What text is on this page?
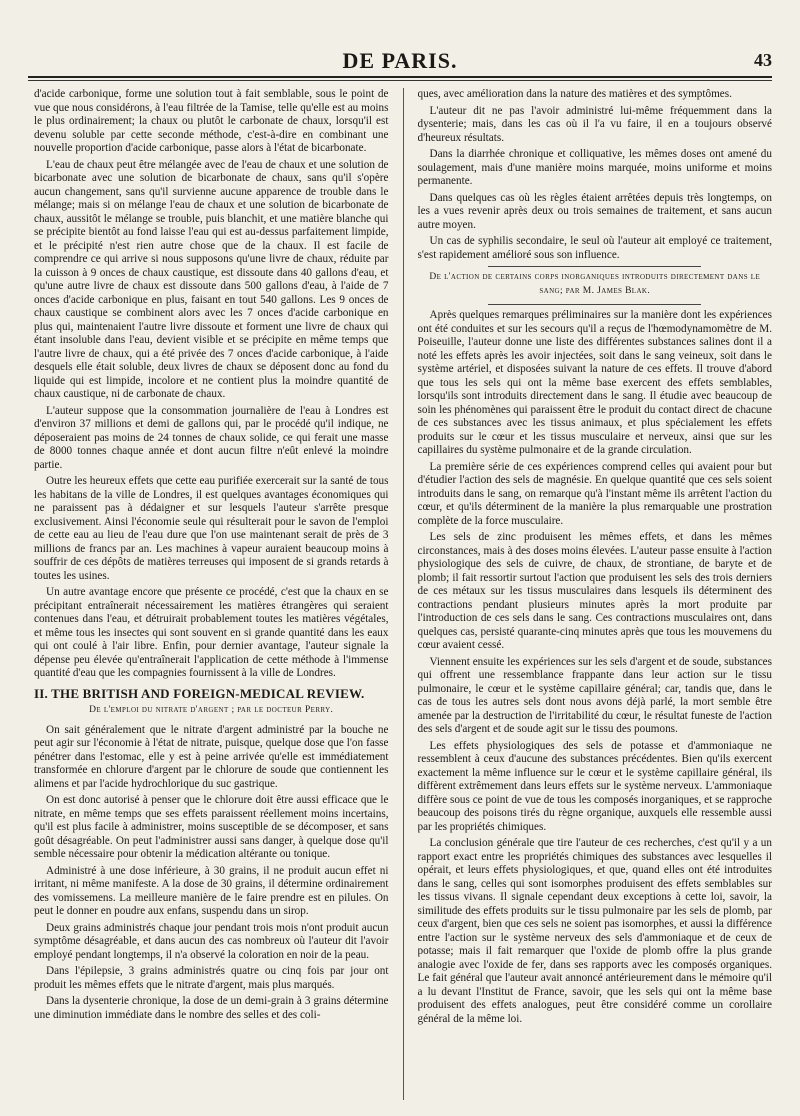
DE PARIS.	43

d'acide carbonique, forme une solution tout à fait semblable, sous le point de vue que nous considérons, à l'eau filtrée de la Tamise, telle qu'elle est au moins le plus ordinairement; la chaux ou plutôt le carbonate de chaux, lorsqu'il est devenu soluble par cette seconde méthode, c'est-à-dire en combinant une nouvelle proportion d'acide carbonique, passe alors à l'état de bicarbonate.

L'eau de chaux peut être mélangée avec de l'eau de chaux et une solution de bicarbonate avec une solution de bicarbonate de chaux, sans qu'il s'opère aucun changement, sans qu'il survienne aucune apparence de trouble dans le mélange; mais si on mélange l'eau de chaux et une solution de bicarbonate de chaux, aussitôt le mélange se trouble, puis blanchit, et une matière blanche qui se précipite bientôt au fond laisse l'eau qui est au-dessus parfaitement limpide, et le précipité n'est rien autre chose que de la chaux. Il est facile de comprendre ce qui arrive si nous supposons qu'une livre de chaux, réduite par la cuisson à 9 onces de chaux caustique, est dissoute dans 40 gallons d'eau, et qu'une autre livre de chaux est dissoute dans 500 gallons d'eau, à l'aide de 7 onces d'acide carbonique en plus, faisant en tout 540 gallons. Les 9 onces de chaux caustique se combinent alors avec les 7 onces d'acide carbonique en plus qui, maintenaient l'autre livre dissoute et forment une livre de chaux qui étant insoluble dans l'eau, devient visible et se précipite en même temps que l'autre livre de chaux, qui a été privée des 7 onces d'acide carbonique, à l'aide desquels elle était soluble, deux livres de chaux se déposent donc au fond du liquide qui est limpide, incolore et ne contient plus la moindre quantité de chaux caustique, ni de carbonate de chaux.

L'auteur suppose que la consommation journalière de l'eau à Londres est d'environ 37 millions et demi de gallons qui, par le procédé qu'il indique, ne déposeraient pas moins de 24 tonnes de chaux solide, ce qui ferait une masse de 8000 tonnes chaque année et dont aucun filtre n'eût enlevé la moindre partie.

Outre les heureux effets que cette eau purifiée exercerait sur la santé de tous les habitans de la ville de Londres, il est quelques avantages économiques qui ne paraissent pas à dédaigner et sur lesquels l'auteur s'arrête presque exclusivement. Ainsi l'économie seule qui résulterait pour le savon de l'emploi de cette eau au lieu de l'eau dure que l'on use maintenant serait de près de 3 millions de francs par an. Les machines à vapeur auraient beaucoup moins à souffrir de ces dépôts de matières terreuses qui imposent de si grands retards à toutes les usines.

Un autre avantage encore que présente ce procédé, c'est que la chaux en se précipitant entraînerait nécessairement les matières étrangères qui seraient contenues dans l'eau, et détruirait probablement toutes les matières végétales, et même tous les insectes qui sont souvent en si grande quantité dans les eaux qui ont coulé à l'air libre. Enfin, pour dernier avantage, l'auteur signale la dépense peu élevée qu'entraînerait l'application de cette méthode à l'immense quantité d'eau que les compagnies fournissent à la ville de Londres.

II. THE BRITISH AND FOREIGN-MEDICAL REVIEW.
De l'emploi du nitrate d'argent ; par le docteur Perry.

On sait généralement que le nitrate d'argent administré par la bouche ne peut agir sur l'économie à l'état de nitrate, puisque, quelque dose que l'on fasse pénétrer dans l'estomac, elle y est à peine arrivée qu'elle est immédiatement transformée en chlorure d'argent par le chlorure de soude que contiennent les alimens et par l'acide hydrochlorique du suc gastrique.

On est donc autorisé à penser que le chlorure doit être aussi efficace que le nitrate, en même temps que ses effets paraissent réellement moins incertains, qu'il est plus facile à administrer, moins susceptible de se décomposer, et sans goût désagréable. On peut l'administrer aussi sans danger, à quelque dose qu'il semble nécessaire pour obtenir la médication altérante ou tonique.

Administré à une dose inférieure, à 30 grains, il ne produit aucun effet ni irritant, ni même manifeste. A la dose de 30 grains, il détermine ordinairement des vomissemens. La meilleure manière de le faire prendre est en pilules. On peut le donner en poudre aux enfans, suspendu dans un sirop.

Deux grains administrés chaque jour pendant trois mois n'ont produit aucun symptôme désagréable, et dans aucun des cas nombreux où l'auteur dit l'avoir employé pendant longtemps, il n'a observé la coloration en noir de la peau.

Dans l'épilepsie, 3 grains administrés quatre ou cinq fois par jour ont produit les mêmes effets que le nitrate d'argent, mais plus marqués.

Dans la dysenterie chronique, la dose de un demi-grain à 3 grains détermine une diminution immédiate dans le nombre des selles et des coli-

ques, avec amélioration dans la nature des matières et des symptômes.

L'auteur dit ne pas l'avoir administré lui-même fréquemment dans la dysenterie; mais, dans les cas où il l'a vu faire, il en a toujours observé d'heureux résultats.

Dans la diarrhée chronique et colliquative, les mêmes doses ont amené du soulagement, mais d'une manière moins marquée, moins uniforme et moins permanente.

Dans quelques cas où les règles étaient arrêtées depuis très longtemps, on les a vues revenir après deux ou trois semaines de traitement, et sans aucun autre moyen.

Un cas de syphilis secondaire, le seul où l'auteur ait employé ce traitement, s'est rapidement amélioré sous son influence.

De l'action de certains corps inorganiques introduits directement dans le sang; par M. James Blak.

Après quelques remarques préliminaires sur la manière dont les expériences ont été conduites et sur les secours qu'il a reçus de l'hœmodynamomètre de M. Poiseuille, l'auteur donne une liste des différentes substances salines dont il a noté les effets après les avoir injectées, soit dans le sang veineux, soit dans le système artériel, et disposées suivant la nature de ces effets. Il trouve d'abord que tous les sels qui ont la même base exercent des effets semblables, lorsqu'ils sont introduits directement dans le sang. Il étudie avec beaucoup de soin les phénomènes qui paraissent être le produit du contact direct de chacune de ces substances avec les tissus animaux, et plus spécialement les effets produits sur le cœur et les tissus musculaire et nerveux, ainsi que sur les capillaires du système pulmonaire et de la grande circulation.

La première série de ces expériences comprend celles qui avaient pour but d'étudier l'action des sels de magnésie. En quelque quantité que ces sels soient introduits dans le sang, on remarque qu'à l'instant même ils arrêtent l'action du cœur, et qu'ils déterminent de la manière la plus remarquable une prostration complète de la force musculaire.

Les sels de zinc produisent les mêmes effets, et dans les mêmes circonstances, mais à des doses moins élevées. L'auteur passe ensuite à l'action physiologique des sels de cuivre, de chaux, de strontiane, de baryte et de plomb; il fait ressortir surtout l'action que produisent les sels des trois derniers de ces métaux sur les tissus musculaires dans lesquels ils déterminent des contractions pendant plusieurs minutes après la mort produite par l'introduction de ces sels dans le sang. Ces contractions musculaires ont, dans quelques cas, persisté quarante-cinq minutes après que tous les mouvemens du cœur avaient cessé.

Viennent ensuite les expériences sur les sels d'argent et de soude, substances qui offrent une ressemblance frappante dans leur action sur le tissu pulmonaire, le cœur et le système capillaire général; car, tandis que, dans le cas de tous les autres sels dont nous avons déjà parlé, la mort semble être amenée par la destruction de l'irritabilité du cœur, le résultat funeste de l'action des sels d'argent et de soude agit sur le tissu des poumons.

Les effets physiologiques des sels de potasse et d'ammoniaque ne ressemblent à ceux d'aucune des substances précédentes. Bien qu'ils exercent exactement la même influence sur le cœur et le système capillaire général, ils diffèrent extrêmement dans leurs effets sur le système nerveux. L'ammoniaque diffère sous ce point de vue de tous les composés inorganiques, et se rapproche beaucoup des poisons tirés du règne organique, auxquels elle ressemble aussi par les propriétés chimiques.

La conclusion générale que tire l'auteur de ces recherches, c'est qu'il y a un rapport exact entre les propriétés chimiques des substances avec lesquelles il opérait, et leurs effets physiologiques, et que, quand elles ont été introduites dans le sang, celles qui sont isomorphes produisent des effets semblables sur les tissus vivans. Il signale cependant deux exceptions à cette loi, savoir, la similitude des effets produits sur le tissu pulmonaire par les sels de plomb, par ceux d'argent, bien que ces sels ne soient pas isomorphes, et aussi la différence entre l'action sur le système nerveux des sels d'ammoniaque et de ceux de potasse; mais il fait remarquer que l'oxide de plomb offre la plus grande analogie avec l'oxide de fer, dans ses rapports avec les composés organiques. Le fait général que l'auteur avait annoncé antérieurement dans le mémoire qu'il a lu devant l'Institut de France, savoir, que les sels qui ont la même base produisent des effets analogues, peut être considéré comme un corollaire général de la même loi.
